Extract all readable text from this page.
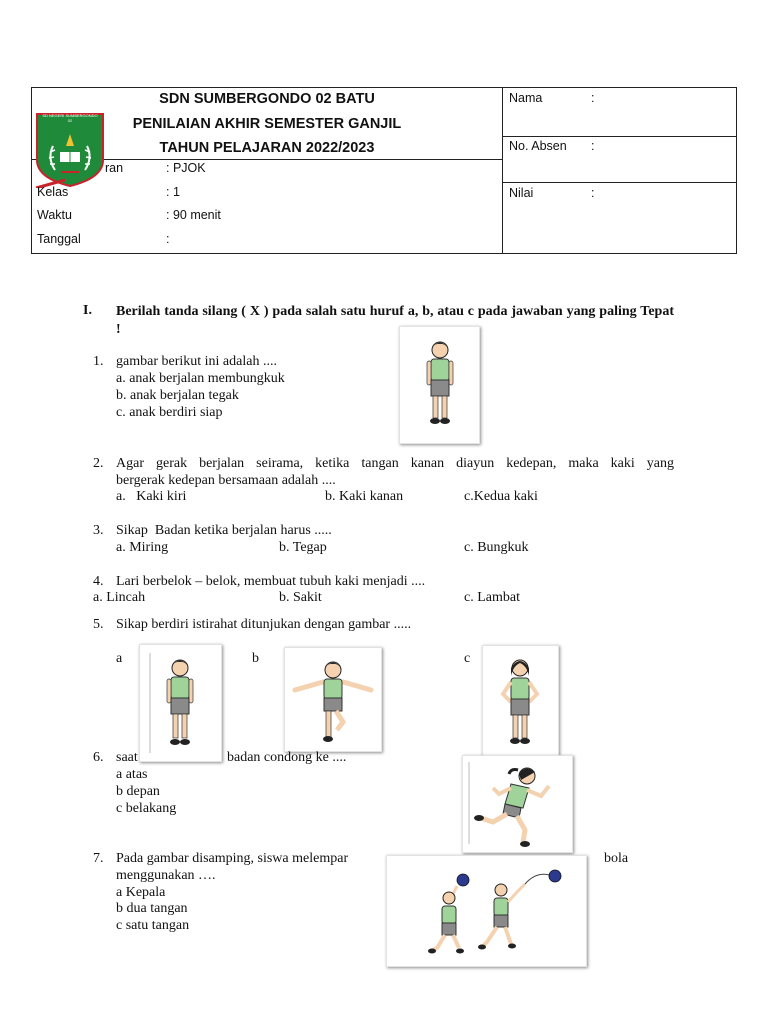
SDN SUMBERGONDO 02 BATU
PENILAIAN AKHIR SEMESTER GANJIL
TAHUN PELAJARAN 2022/2023
SD NEGERI SUMBERGONDO 02
ran	: PJOK
Kelas	: 1
Waktu	: 90 menit
Tanggal	:
Nama	:
No. Absen :
Nilai	:
I. Berilah tanda silang ( X ) pada salah satu huruf a, b, atau c pada jawaban yang paling Tepat !
1. gambar berikut ini adalah ....
a. anak berjalan membungkuk
b. anak berjalan tegak
c. anak berdiri siap
2. Agar gerak berjalan seirama, ketika tangan kanan diayun kedepan, maka kaki yang
bergerak kedepan bersamaan adalah ....
a.   Kaki kiri	b. Kaki kanan	c.Kedua kaki
3. Sikap  Badan ketika berjalan harus .....
a. Miring	b. Tegap	c. Bungkuk
4. Lari berbelok – belok, membuat tubuh kaki menjadi ....
a. Lincah	b. Sakit	c. Lambat
5. Sikap berdiri istirahat ditunjukan dengan gambar .....
a	b	c
6. saat	badan condong ke ....
a atas
b depan
c belakang
7. Pada gambar disamping, siswa melempar	bola
menggunakan ….
a Kepala
b dua tangan
c satu tangan
